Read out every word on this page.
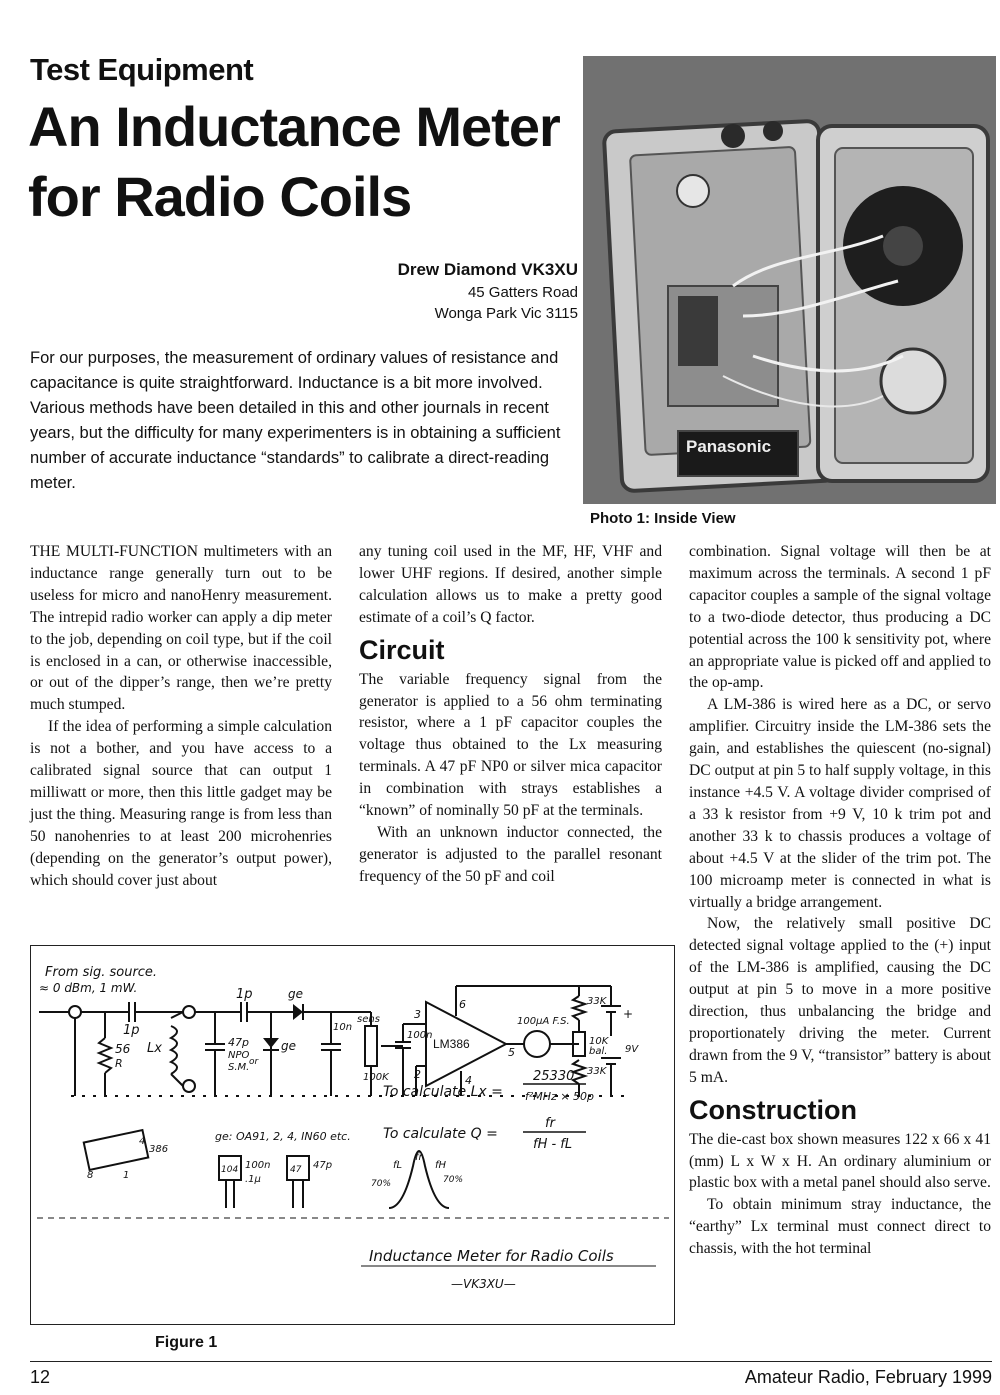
Test Equipment
An Inductance Meter
for Radio Coils
Drew Diamond VK3XU
45 Gatters Road
Wonga Park Vic 3115
For our purposes, the measurement of ordinary values of resistance and capacitance is quite straightforward. Inductance is a bit more involved. Various methods have been detailed in this and other journals in recent years, but the difficulty for many experimenters is in obtaining a sufficient number of accurate inductance “standards” to calibrate a direct-reading meter.
Panasonic
Photo 1: Inside View

THE MULTI-FUNCTION multimeters with an inductance range generally turn out to be useless for micro and nanoHenry measurement. The intrepid radio worker can apply a dip meter to the job, depending on coil type, but if the coil is enclosed in a can, or otherwise inaccessible, or out of the dipper’s range, then we’re pretty much stumped.

If the idea of performing a simple calculation is not a bother, and you have access to a calibrated signal source that can output 1 milliwatt or more, then this little gadget may be just the thing. Measuring range is from less than 50 nanohenries to at least 200 microhenries (depending on the generator’s output power), which should cover just about

any tuning coil used in the MF, HF, VHF and lower UHF regions. If desired, another simple calculation allows us to make a pretty good estimate of a coil’s Q factor.

Circuit

The variable frequency signal from the generator is applied to a 56 ohm terminating resistor, where a 1 pF capacitor couples the voltage thus obtained to the Lx measuring terminals. A 47 pF NP0 or silver mica capacitor in combination with strays establishes a “known” of nominally 50 pF at the terminals.

With an unknown inductor connected, the generator is adjusted to the parallel resonant frequency of the 50 pF and coil

combination. Signal voltage will then be at maximum across the terminals. A second 1 pF capacitor couples a sample of the signal voltage to a two-diode detector, thus producing a DC potential across the 100 k sensitivity pot, where an appropriate value is picked off and applied to the op-amp.

A LM-386 is wired here as a DC, or servo amplifier. Circuitry inside the LM-386 sets the gain, and establishes the quiescent (no-signal) DC output at pin 5 to half supply voltage, in this instance +4.5 V. A voltage divider comprised of a 33 k resistor from +9 V, 10 k trim pot and another 33 k to chassis produces a voltage of about +4.5 V at the slider of the trim pot. The 100 microamp meter is connected in what is virtually a bridge arrangement.

Now, the relatively small positive DC detected signal voltage applied to the (+) input of the LM-386 is amplified, causing the DC output at pin 5 to move in a more positive direction, thus unbalancing the bridge and proportionately driving the meter. Current drawn from the 9 V, “transistor” battery is about 5 mA.

Construction

The die-cast box shown measures 122 x 66 x 41 (mm) L x W x H. An ordinary aluminium or plastic box with a metal panel should also serve.

To obtain minimum stray inductance, the “earthy” Lx terminal must connect direct to chassis, with the hot terminal

From sig. source.
≈ 0 dBm, 1 mW.
1p
1p	ge
56
R
Lx	47p
NPO
or
S.M.
ge
10n
sens
100K
100n
LM386
3
2
6
4
5
100µA F.S.
33K
10K
bal.
33K
+
9V
To calculate Lx =
25330
f²MHz × 50p
To calculate Q =
fr
fH - fL
386
8	1
4	ge: OA91, 2, 4, IN60 etc.
104 100n
.1µ
47 47p	fL
fr
fH
70%	70%
Inductance Meter for Radio Coils
—VK3XU—
Figure 1
12	Amateur Radio, February 1999
